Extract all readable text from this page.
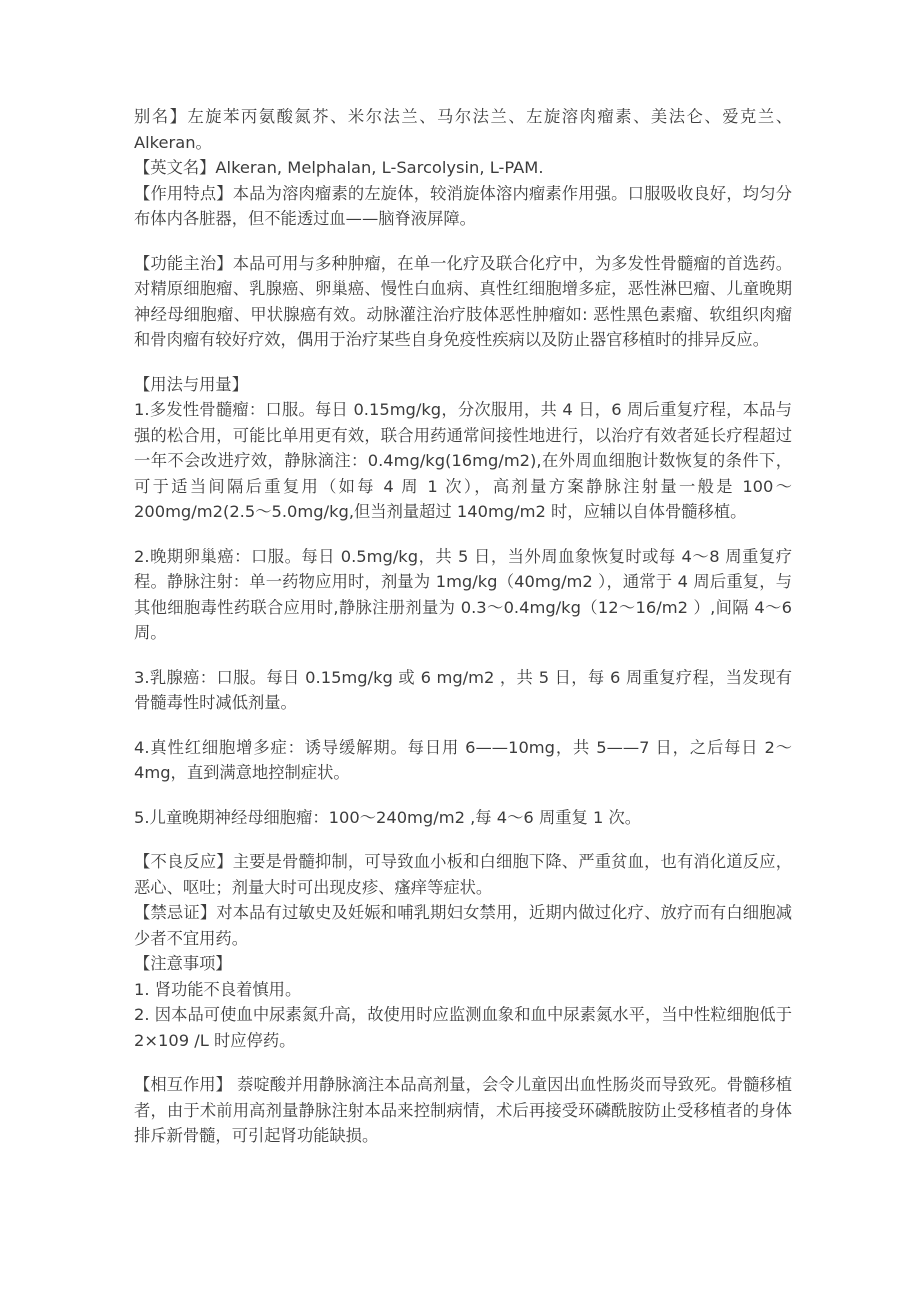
别名】左旋苯丙氨酸氮芥、米尔法兰、马尔法兰、左旋溶肉瘤素、美法仑、爱克兰、Alkeran。

【英文名】Alkeran, Melphalan, L-Sarcolysin, L-PAM.

【作用特点】本品为溶肉瘤素的左旋体，较消旋体溶内瘤素作用强。口服吸收良好，均匀分布体内各脏器，但不能透过血——脑脊液屏障。

【功能主治】本品可用与多种肿瘤，在单一化疗及联合化疗中，为多发性骨髓瘤的首选药。对精原细胞瘤、乳腺癌、卵巢癌、慢性白血病、真性红细胞增多症，恶性淋巴瘤、儿童晚期神经母细胞瘤、甲状腺癌有效。动脉灌注治疗肢体恶性肿瘤如: 恶性黑色素瘤、软组织肉瘤和骨肉瘤有较好疗效，偶用于治疗某些自身免疫性疾病以及防止器官移植时的排异反应。

【用法与用量】

1.多发性骨髓瘤：口服。每日 0.15mg/kg，分次服用，共 4 日，6 周后重复疗程，本品与强的松合用，可能比单用更有效，联合用药通常间接性地进行，以治疗有效者延长疗程超过一年不会改进疗效，静脉滴注：0.4mg/kg(16mg/m2),在外周血细胞计数恢复的条件下，可于适当间隔后重复用（如每 4 周 1 次），高剂量方案静脉注射量一般是 100～200mg/m2(2.5～5.0mg/kg,但当剂量超过 140mg/m2 时，应辅以自体骨髓移植。

2.晚期卵巢癌：口服。每日 0.5mg/kg，共 5 日，当外周血象恢复时或每 4～8 周重复疗程。静脉注射：单一药物应用时，剂量为 1mg/kg（40mg/m2 ），通常于 4 周后重复，与其他细胞毒性药联合应用时,静脉注册剂量为 0.3～0.4mg/kg（12～16/m2 ）,间隔 4～6 周。

3.乳腺癌：口服。每日 0.15mg/kg 或 6 mg/m2 ，共 5 日，每 6 周重复疗程，当发现有骨髓毒性时减低剂量。

4.真性红细胞增多症：诱导缓解期。每日用 6——10mg，共 5——7 日，之后每日 2～4mg，直到满意地控制症状。

5.儿童晚期神经母细胞瘤：100～240mg/m2 ,每 4～6 周重复 1 次。

【不良反应】主要是骨髓抑制，可导致血小板和白细胞下降、严重贫血，也有消化道反应，恶心、呕吐；剂量大时可出现皮疹、瘙痒等症状。

【禁忌证】对本品有过敏史及妊娠和哺乳期妇女禁用，近期内做过化疗、放疗而有白细胞减少者不宜用药。

【注意事项】

1. 肾功能不良着慎用。

2. 因本品可使血中尿素氮升高，故使用时应监测血象和血中尿素氮水平，当中性粒细胞低于 2×109 /L 时应停药。

【相互作用】 萘啶酸并用静脉滴注本品高剂量，会令儿童因出血性肠炎而导致死。骨髓移植者，由于术前用高剂量静脉注射本品来控制病情，术后再接受环磷酰胺防止受移植者的身体排斥新骨髓，可引起肾功能缺损。
